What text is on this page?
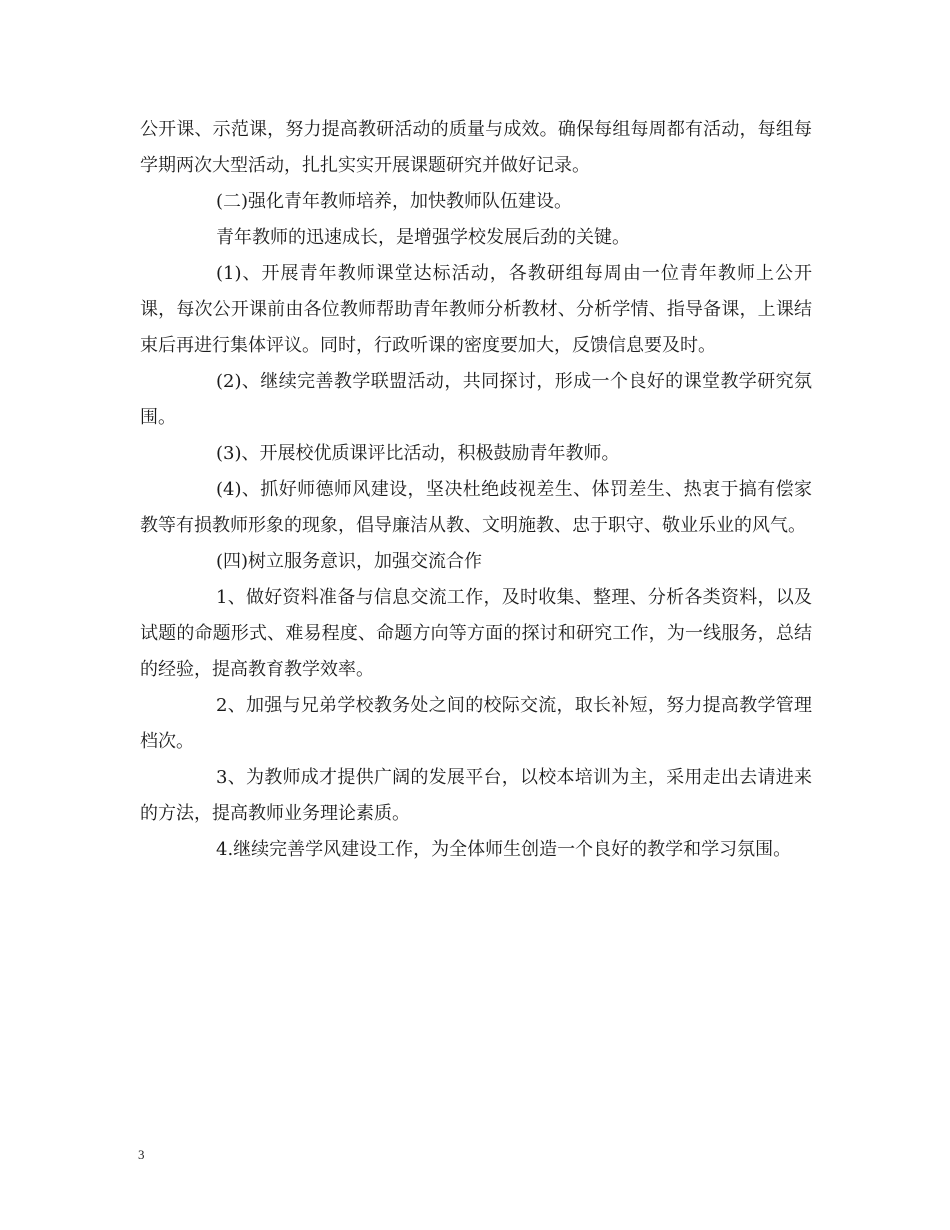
公开课、示范课，努力提高教研活动的质量与成效。确保每组每周都有活动，每组每学期两次大型活动，扎扎实实开展课题研究并做好记录。

(二)强化青年教师培养，加快教师队伍建设。

青年教师的迅速成长，是增强学校发展后劲的关键。

(1)、开展青年教师课堂达标活动，各教研组每周由一位青年教师上公开课，每次公开课前由各位教师帮助青年教师分析教材、分析学情、指导备课，上课结束后再进行集体评议。同时，行政听课的密度要加大，反馈信息要及时。

(2)、继续完善教学联盟活动，共同探讨，形成一个良好的课堂教学研究氛围。

(3)、开展校优质课评比活动，积极鼓励青年教师。

(4)、抓好师德师风建设，坚决杜绝歧视差生、体罚差生、热衷于搞有偿家教等有损教师形象的现象，倡导廉洁从教、文明施教、忠于职守、敬业乐业的风气。

(四)树立服务意识，加强交流合作

1、做好资料准备与信息交流工作，及时收集、整理、分析各类资料，以及试题的命题形式、难易程度、命题方向等方面的探讨和研究工作，为一线服务，总结的经验，提高教育教学效率。

2、加强与兄弟学校教务处之间的校际交流，取长补短，努力提高教学管理档次。

3、为教师成才提供广阔的发展平台，以校本培训为主，采用走出去请进来的方法，提高教师业务理论素质。

4.继续完善学风建设工作，为全体师生创造一个良好的教学和学习氛围。

3
